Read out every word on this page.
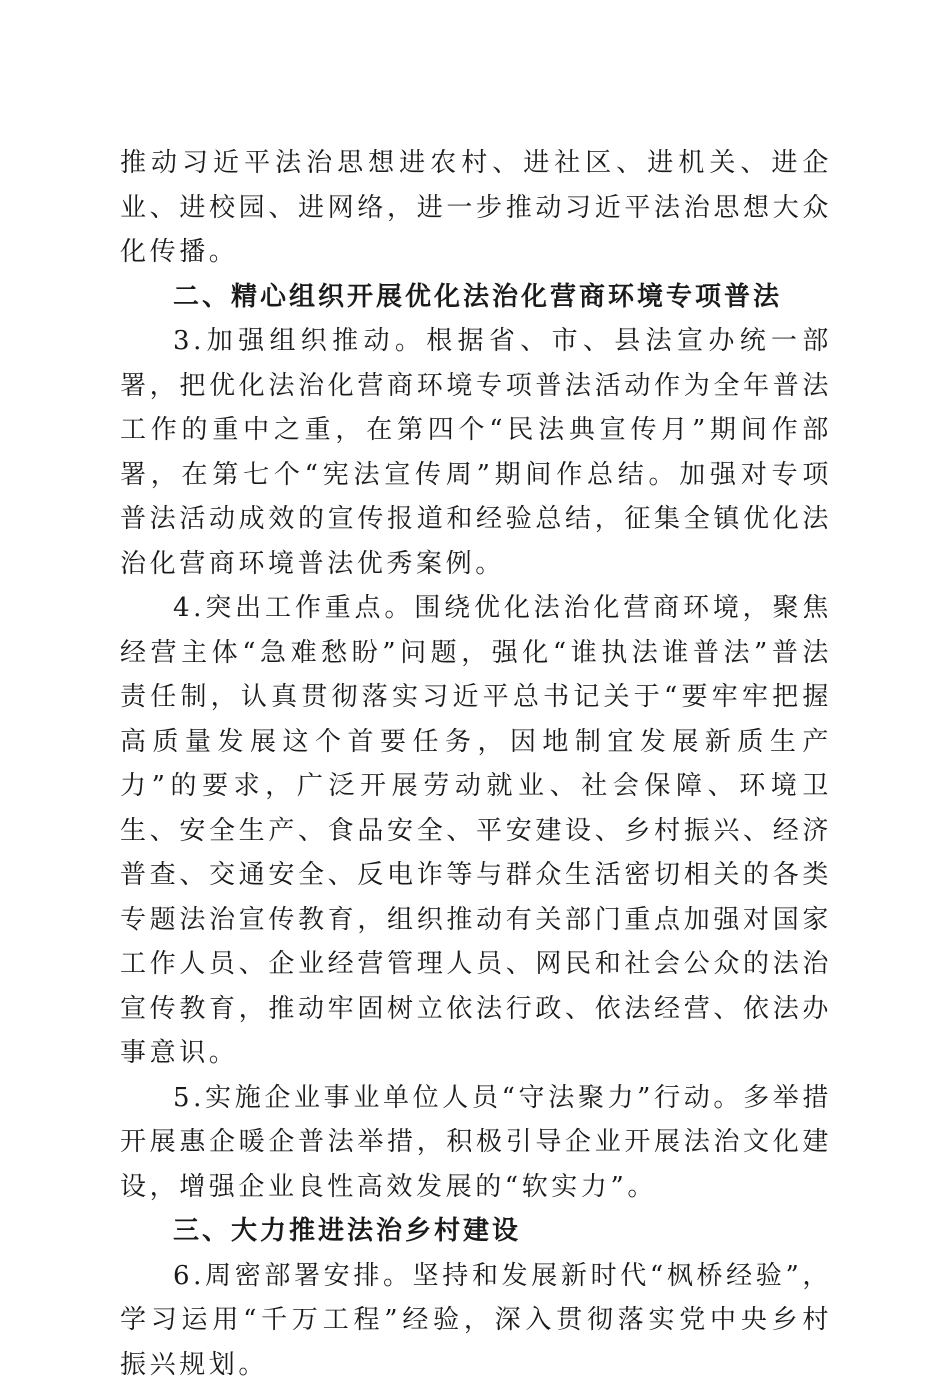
推动习近平法治思想进农村、进社区、进机关、进企业、进校园、进网络，进一步推动习近平法治思想大众化传播。

二、精心组织开展优化法治化营商环境专项普法

3.加强组织推动。根据省、市、县法宣办统一部署，把优化法治化营商环境专项普法活动作为全年普法工作的重中之重，在第四个“民法典宣传月”期间作部署，在第七个“宪法宣传周”期间作总结。加强对专项普法活动成效的宣传报道和经验总结，征集全镇优化法治化营商环境普法优秀案例。

4.突出工作重点。围绕优化法治化营商环境，聚焦经营主体“急难愁盼”问题，强化“谁执法谁普法”普法责任制，认真贯彻落实习近平总书记关于“要牢牢把握高质量发展这个首要任务，因地制宜发展新质生产力”的要求，广泛开展劳动就业、社会保障、环境卫生、安全生产、食品安全、平安建设、乡村振兴、经济普查、交通安全、反电诈等与群众生活密切相关的各类专题法治宣传教育，组织推动有关部门重点加强对国家工作人员、企业经营管理人员、网民和社会公众的法治宣传教育，推动牢固树立依法行政、依法经营、依法办事意识。

5.实施企业事业单位人员“守法聚力”行动。多举措开展惠企暖企普法举措，积极引导企业开展法治文化建设，增强企业良性高效发展的“软实力”。

三、大力推进法治乡村建设

6.周密部署安排。坚持和发展新时代“枫桥经验”，学习运用“千万工程”经验，深入贯彻落实党中央乡村振兴规划。
